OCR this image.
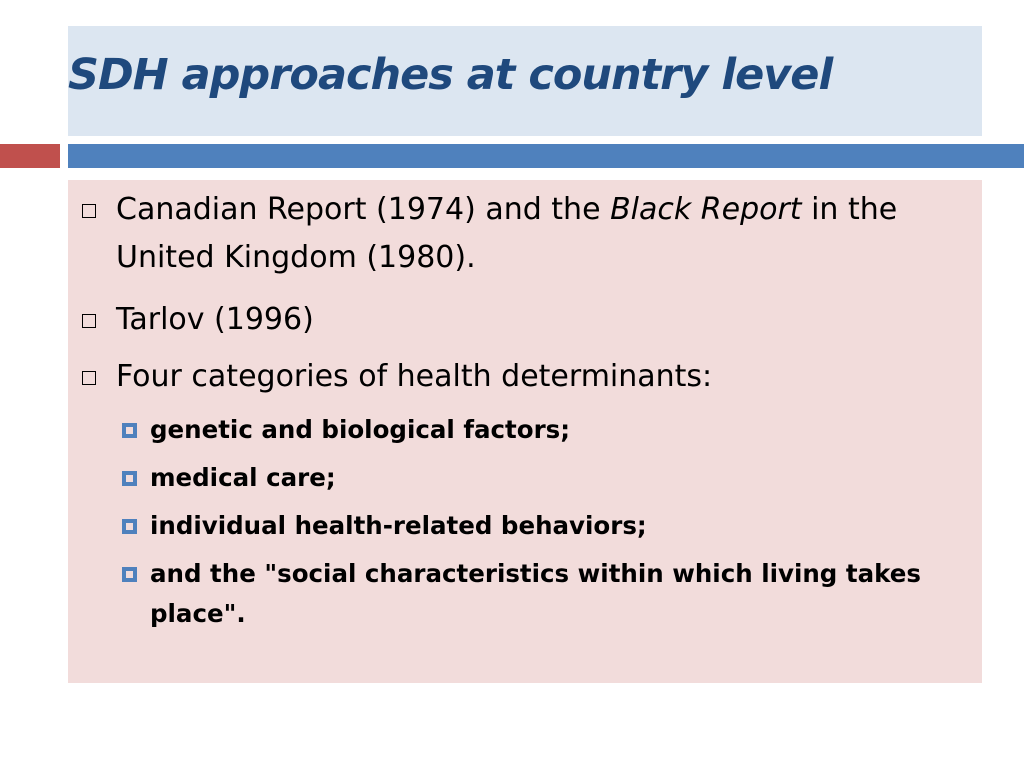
SDH approaches at country level
Canadian Report (1974) and the Black Report in the United Kingdom (1980).
Tarlov (1996)
Four categories of health determinants:
genetic and biological factors;
medical care;
individual health-related behaviors;
and the "social characteristics within which living takes place".
